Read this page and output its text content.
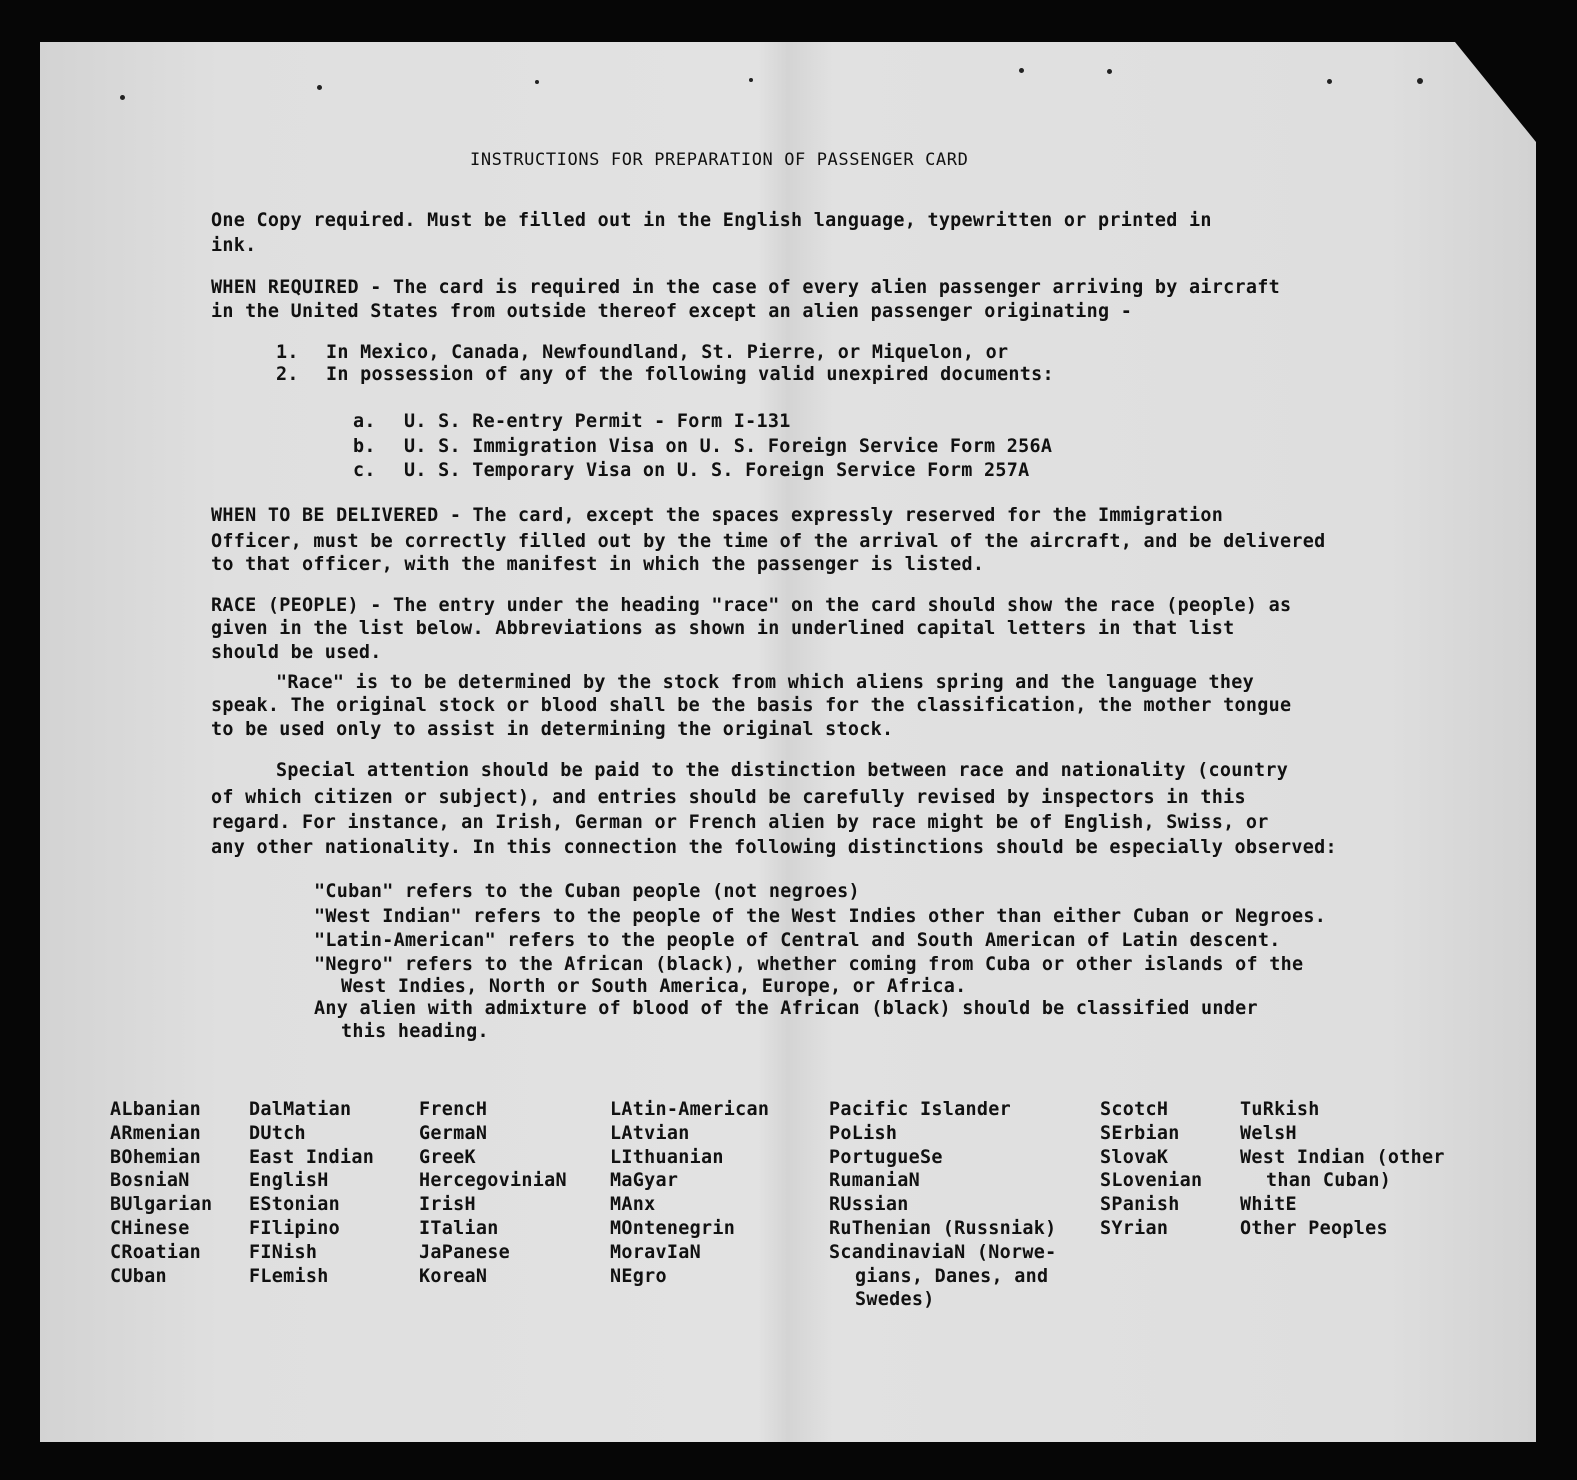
INSTRUCTIONS FOR PREPARATION OF PASSENGER CARD
One Copy required. Must be filled out in the English language, typewritten or printed in
ink.
WHEN REQUIRED - The card is required in the case of every alien passenger arriving by aircraft
in the United States from outside thereof except an alien passenger originating -
1. In Mexico, Canada, Newfoundland, St. Pierre, or Miquelon, or
2. In possession of any of the following valid unexpired documents:
a. U. S. Re-entry Permit - Form I-131
b. U. S. Immigration Visa on U. S. Foreign Service Form 256A
c. U. S. Temporary Visa on U. S. Foreign Service Form 257A
WHEN TO BE DELIVERED - The card, except the spaces expressly reserved for the Immigration
Officer, must be correctly filled out by the time of the arrival of the aircraft, and be delivered
to that officer, with the manifest in which the passenger is listed.
RACE (PEOPLE) - The entry under the heading "race" on the card should show the race (people) as
given in the list below. Abbreviations as shown in underlined capital letters in that list
should be used.
"Race" is to be determined by the stock from which aliens spring and the language they
speak. The original stock or blood shall be the basis for the classification, the mother tongue
to be used only to assist in determining the original stock.
Special attention should be paid to the distinction between race and nationality (country
of which citizen or subject), and entries should be carefully revised by inspectors in this
regard. For instance, an Irish, German or French alien by race might be of English, Swiss, or
any other nationality. In this connection the following distinctions should be especially observed:
"Cuban" refers to the Cuban people (not negroes)
"West Indian" refers to the people of the West Indies other than either Cuban or Negroes.
"Latin-American" refers to the people of Central and South American of Latin descent.
"Negro" refers to the African (black), whether coming from Cuba or other islands of the
West Indies, North or South America, Europe, or Africa.
Any alien with admixture of blood of the African (black) should be classified under
this heading.
ALbanian
ARmenian
BOhemian
BosniaN
BUlgarian
CHinese
CRoatian
CUban
DalMatian
DUtch
East Indian
EnglisH
EStonian
FIlipino
FINish
FLemish
FrencH
GermaN
GreeK
HercegoviniaN
IrisH
ITalian
JaPanese
KoreaN
LAtin-American
LAtvian
LIthuanian
MaGyar
MAnx
MOntenegrin
MoravIaN
NEgro
Pacific Islander
PoLish
PortugueSe
RumaniaN
RUssian
RuThenian (Russniak)
ScandinaviaN (Norwe-
gians, Danes, and
Swedes)
ScotcH
SErbian
SlovaK
SLovenian
SPanish
SYrian
TuRkish
WelsH
West Indian (other
than Cuban)
WhitE
Other Peoples
